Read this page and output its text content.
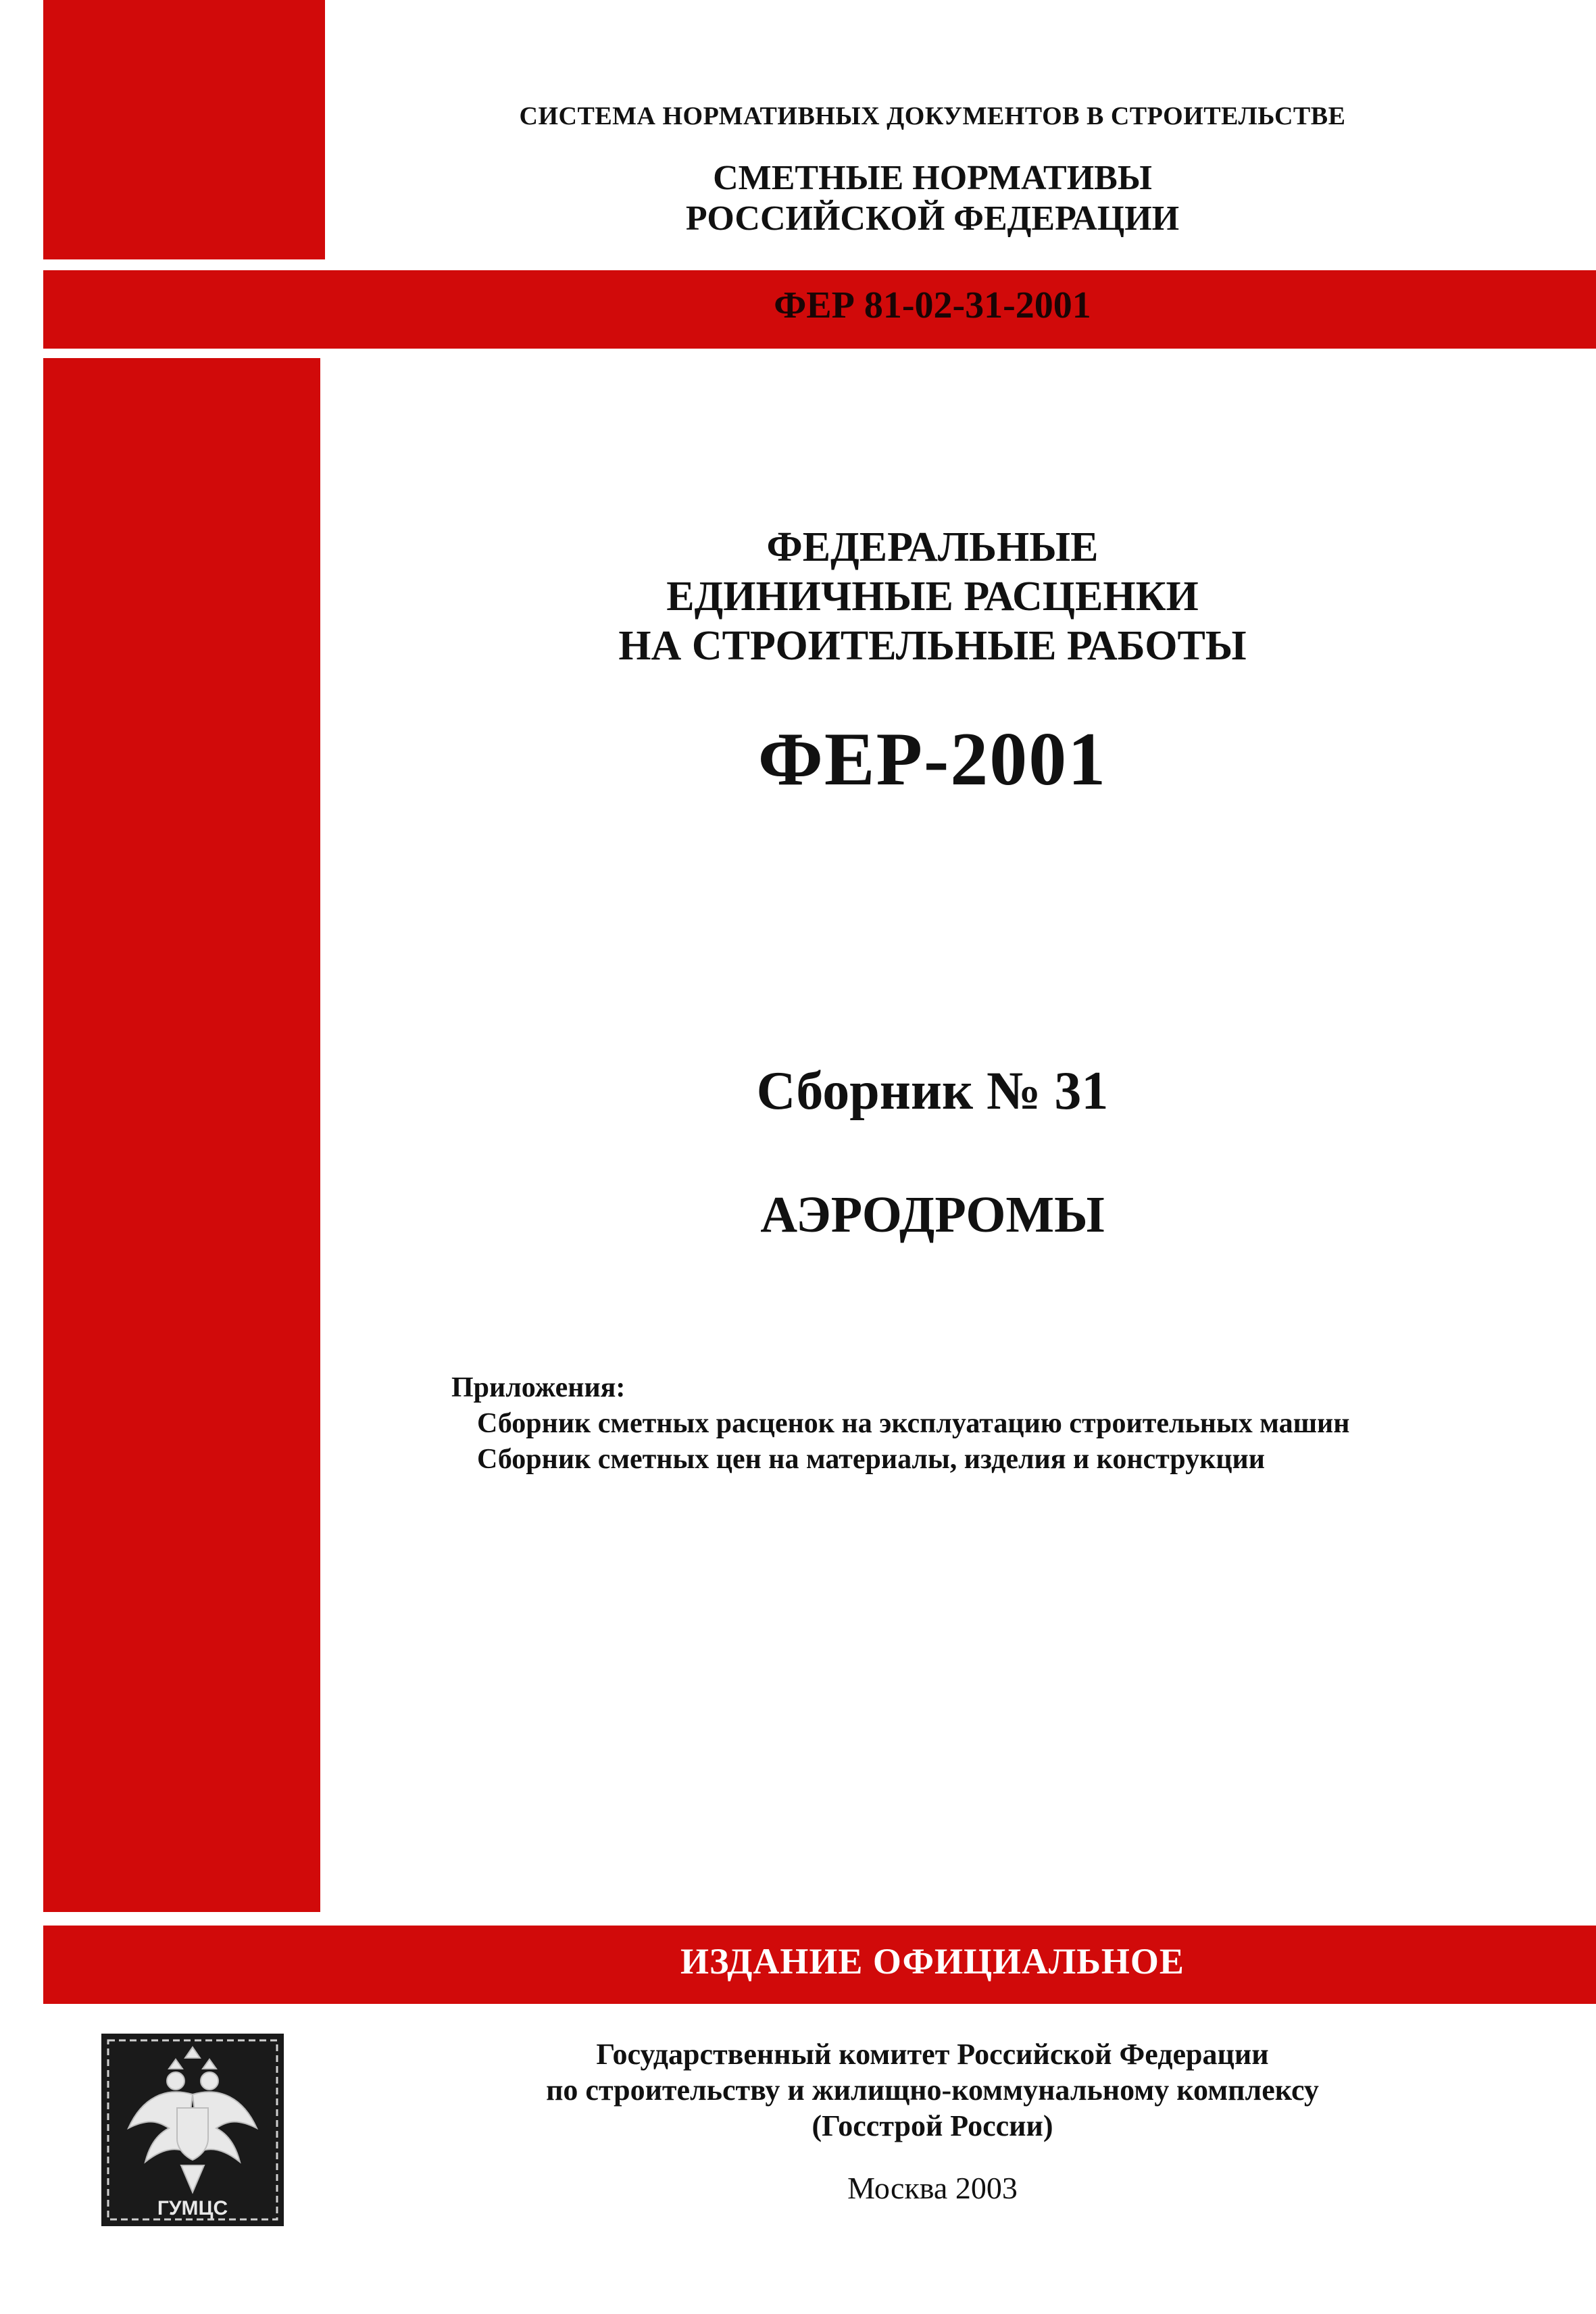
СИСТЕМА НОРМАТИВНЫХ ДОКУМЕНТОВ В СТРОИТЕЛЬСТВЕ
СМЕТНЫЕ НОРМАТИВЫ
РОССИЙСКОЙ ФЕДЕРАЦИИ
ФЕР 81-02-31-2001
ФЕДЕРАЛЬНЫЕ
ЕДИНИЧНЫЕ РАСЦЕНКИ
НА СТРОИТЕЛЬНЫЕ РАБОТЫ
ФЕР-2001
Сборник № 31
АЭРОДРОМЫ
Приложения:
Сборник сметных расценок на эксплуатацию строительных машин
Сборник сметных цен на материалы, изделия и конструкции
ИЗДАНИЕ ОФИЦИАЛЬНОЕ
Государственный комитет Российской Федерации
по строительству и жилищно-коммунальному комплексу
(Госстрой России)
Москва 2003
ГУМЦС
